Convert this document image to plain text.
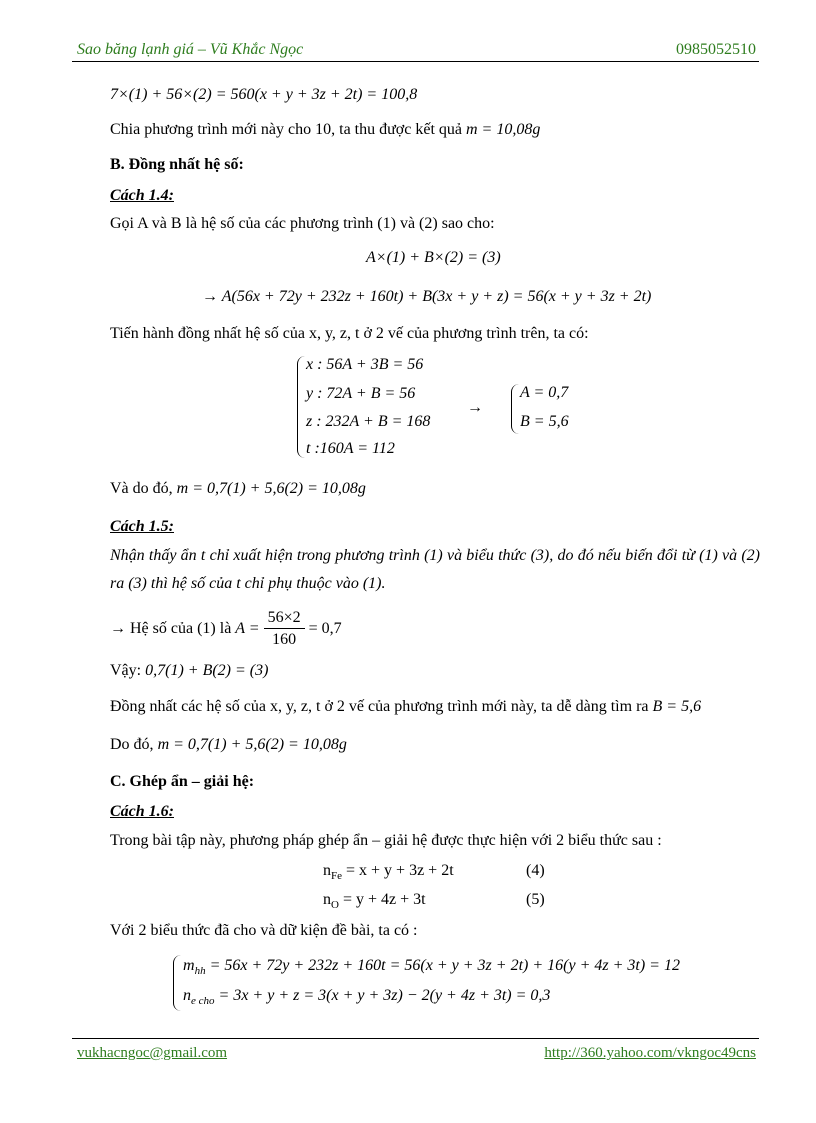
Sao băng lạnh giá – Vũ Khắc Ngọc	0985052510
7×(1) + 56×(2) = 560(x + y + 3z + 2t) = 100,8
Chia phương trình mới này cho 10, ta thu được kết quả m = 10,08g
B. Đồng nhất hệ số:
Cách 1.4:
Gọi A và B là hệ số của các phương trình (1) và (2) sao cho:
A×(1) + B×(2) = (3)
→ A(56x + 72y + 232z + 160t) + B(3x + y + z) = 56(x + y + 3z + 2t)
Tiến hành đồng nhất hệ số của x, y, z, t ở 2 vế của phương trình trên, ta có:
x : 56A + 3B = 56
y : 72A + B = 56
z : 232A + B = 168
t :160A = 112
→
A = 0,7
B = 5,6
Và do đó, m = 0,7(1) + 5,6(2) = 10,08g
Cách 1.5:
Nhận thấy ẩn t chỉ xuất hiện trong phương trình (1) và biểu thức (3), do đó nếu biến đổi từ (1) và (2) ra (3) thì hệ số của t chỉ phụ thuộc vào (1).
→ Hệ số của (1) là $A = \frac{56\times 2}{160} = 0,7$
Vậy: 0,7(1) + B(2) = (3)
Đồng nhất các hệ số của x, y, z, t ở 2 vế của phương trình mới này, ta dễ dàng tìm ra B = 5,6
Do đó, m = 0,7(1) + 5,6(2) = 10,08g
C. Ghép ẩn – giải hệ:
Cách 1.6:
Trong bài tập này, phương pháp ghép ẩn – giải hệ được thực hiện với 2 biểu thức sau :
$n_{Fe} = x + y + 3z + 2t$	(4)
$n_O = y + 4z + 3t$	(5)
Với 2 biểu thức đã cho và dữ kiện đề bài, ta có :
$m_{hh} = 56x + 72y + 232z + 160t = 56(x + y + 3z + 2t) + 16(y + 4z + 3t) = 12$
$n_{e cho} = 3x + y + z = 3(x + y + 3z) - 2(y + 4z + 3t) = 0,3$
vukhacngoc@gmail.com	http://360.yahoo.com/vkngoc49cns
